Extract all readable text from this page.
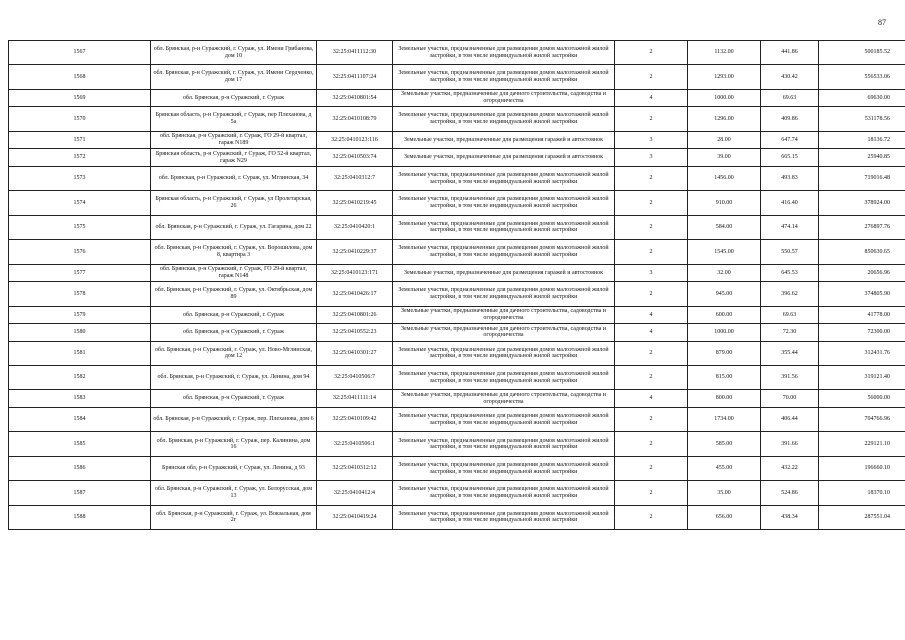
87
1567	обл. Брянская, р-н Суражский, г. Сураж, ул. Имени Грибанова, дом 10	32:25:0411112:30	Земельные участки, предназначенные для размещения домов малоэтажной жилой застройки, в том числе индивидуальной жилой застройки	2	1132.00	441.86	500185.52
1568	обл. Брянская, р-н Суражский, г. Сураж, ул. Имени Сердченко, дом 17	32:25:0411107:24	Земельные участки, предназначенные для размещения домов малоэтажной жилой застройки, в том числе индивидуальной жилой застройки	2	1293.00	430.42	556533.06
1569	обл. Брянская, р-н Суражский, г. Сураж	32:25:0410801:54	Земельные участки, предназначенные для дачного строительства, садоводства и огородничества	4	1000.00	69.63	69630.00
1570	Брянская область, р-н Суражский, г Сураж, пер Плеханова, д 5а	32:25:0410108:79	Земельные участки, предназначенные для размещения домов малоэтажной жилой застройки, в том числе индивидуальной жилой застройки	2	1296.00	409.86	531178.56
1571	обл. Брянская, р-н Суражский, г. Сураж, ГО 29-й квартал, гараж N189	32:25:0410123:116	Земельные участки, предназначенные для размещения гаражей и автостоянок	3	28.00	647.74	18136.72
1572	Брянская область, р-н Суражский, г Сураж, ГО 52-й квартал, гараж N29	32:25:0410503:74	Земельные участки, предназначенные для размещения гаражей и автостоянок	3	39.00	665.15	25940.85
1573	обл. Брянская, р-н Суражский, г. Сураж, ул. Мглинская, 34	32:25:0410312:7	Земельные участки, предназначенные для размещения домов малоэтажной жилой застройки, в том числе индивидуальной жилой застройки	2	1456.00	493.83	719016.48
1574	Брянская область, р-н Суражский, г Сураж, ул Пролетарская, 26	32:25:0410219:45	Земельные участки, предназначенные для размещения домов малоэтажной жилой застройки, в том числе индивидуальной жилой застройки	2	910.00	416.40	378924.00
1575	обл. Брянская, р-н Суражский, г. Сураж, ул. Гагарина, дом 22	32:25:0410420:1	Земельные участки, предназначенные для размещения домов малоэтажной жилой застройки, в том числе индивидуальной жилой застройки	2	584.00	474.14	276897.76
1576	обл. Брянская, р-н Суражский, г. Сураж, ул. Ворошилова, дом 8, квартира 3	32:25:0410229:37	Земельные участки, предназначенные для размещения домов малоэтажной жилой застройки, в том числе индивидуальной жилой застройки	2	1545.00	550.57	850630.65
1577	обл. Брянская, р-н Суражский, г. Сураж, ГО 29-й квартал, гараж N148	32:25:0410123:171	Земельные участки, предназначенные для размещения гаражей и автостоянок	3	32.00	645.53	20656.96
1578	обл. Брянская, р-н Суражский, г. Сураж, ул. Октябрьская, дом 89	32:25:0410426:17	Земельные участки, предназначенные для размещения домов малоэтажной жилой застройки, в том числе индивидуальной жилой застройки	2	945.00	396.62	374805.90
1579	обл. Брянская, р-н Суражский, г. Сураж	32:25:0410801:26	Земельные участки, предназначенные для дачного строительства, садоводства и огородничества	4	600.00	69.63	41778.00
1580	обл. Брянская, р-н Суражский, г. Сураж	32:25:0410552:23	Земельные участки, предназначенные для дачного строительства, садоводства и огородничества	4	1000.00	72.30	72300.00
1581	обл. Брянская, р-н Суражский, г. Сураж, ул. Ново-Мглинская, дом 12	32:25:0410301:27	Земельные участки, предназначенные для размещения домов малоэтажной жилой застройки, в том числе индивидуальной жилой застройки	2	879.00	355.44	312431.76
1582	обл. Брянская, р-н Суражский, г. Сураж, ул. Ленина, дом 94	32:25:0410506:7	Земельные участки, предназначенные для размещения домов малоэтажной жилой застройки, в том числе индивидуальной жилой застройки	2	815.00	391.56	319121.40
1583	обл. Брянская, р-н Суражский, г. Сураж	32:25:0411111:14	Земельные участки, предназначенные для дачного строительства, садоводства и огородничества	4	800.00	70.00	56000.00
1584	обл. Брянская, р-н Суражский, г. Сураж, пер. Плеханова, дом 6	32:25:0410109:42	Земельные участки, предназначенные для размещения домов малоэтажной жилой застройки, в том числе индивидуальной жилой застройки	2	1734.00	406.44	704766.96
1585	обл. Брянская, р-н Суражский, г. Сураж, пер. Калинина, дом 16	32:25:0410506:1	Земельные участки, предназначенные для размещения домов малоэтажной жилой застройки, в том числе индивидуальной жилой застройки	2	585.00	391.66	229121.10
1586	Брянская обл, р-н Суражский, г Сураж, ул. Ленина, д 93	32:25:0410312:12	Земельные участки, предназначенные для размещения домов малоэтажной жилой застройки, в том числе индивидуальной жилой застройки	2	455.00	432.22	196660.10
1587	обл. Брянская, р-н Суражский, г. Сураж, ул. Белорусская, дом 13	32:25:0410412:4	Земельные участки, предназначенные для размещения домов малоэтажной жилой застройки, в том числе индивидуальной жилой застройки	2	35.00	524.86	18370.10
1588	обл. Брянская, р-н Суражский, г. Сураж, ул. Вокзальная, дом 2г	32:25:0410419:24	Земельные участки, предназначенные для размещения домов малоэтажной жилой застройки, в том числе индивидуальной жилой застройки	2	656.00	438.34	287551.04
